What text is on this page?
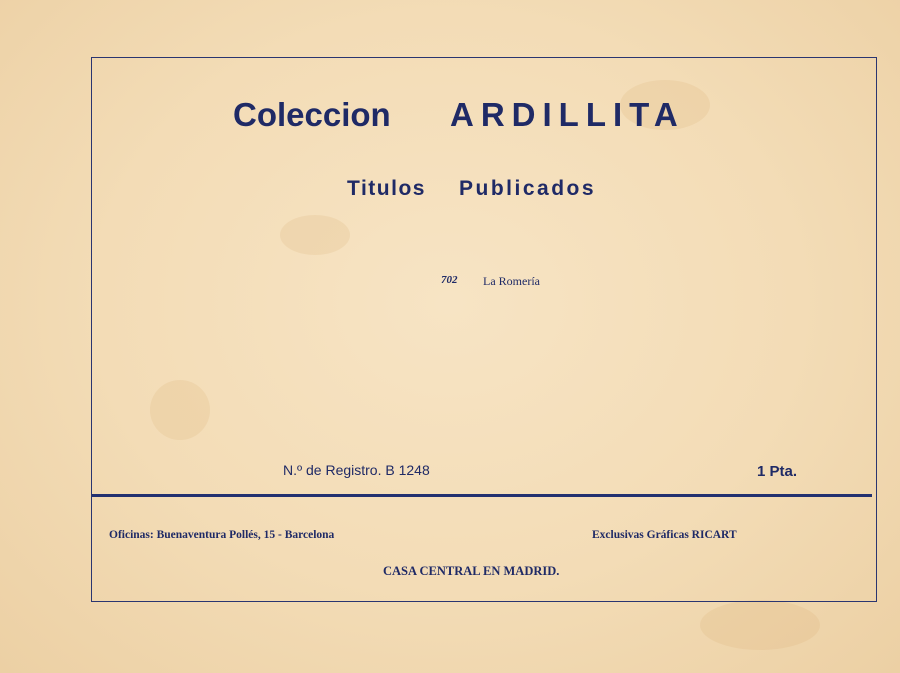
Coleccion ARDILLITA
Titulos Publicados
702 La Romería
N.º de Registro. B 1248	1 Pta.
Oficinas: Buenaventura Pollés, 15 - Barcelona	Exclusivas Gráficas RICART
CASA CENTRAL EN MADRID.
